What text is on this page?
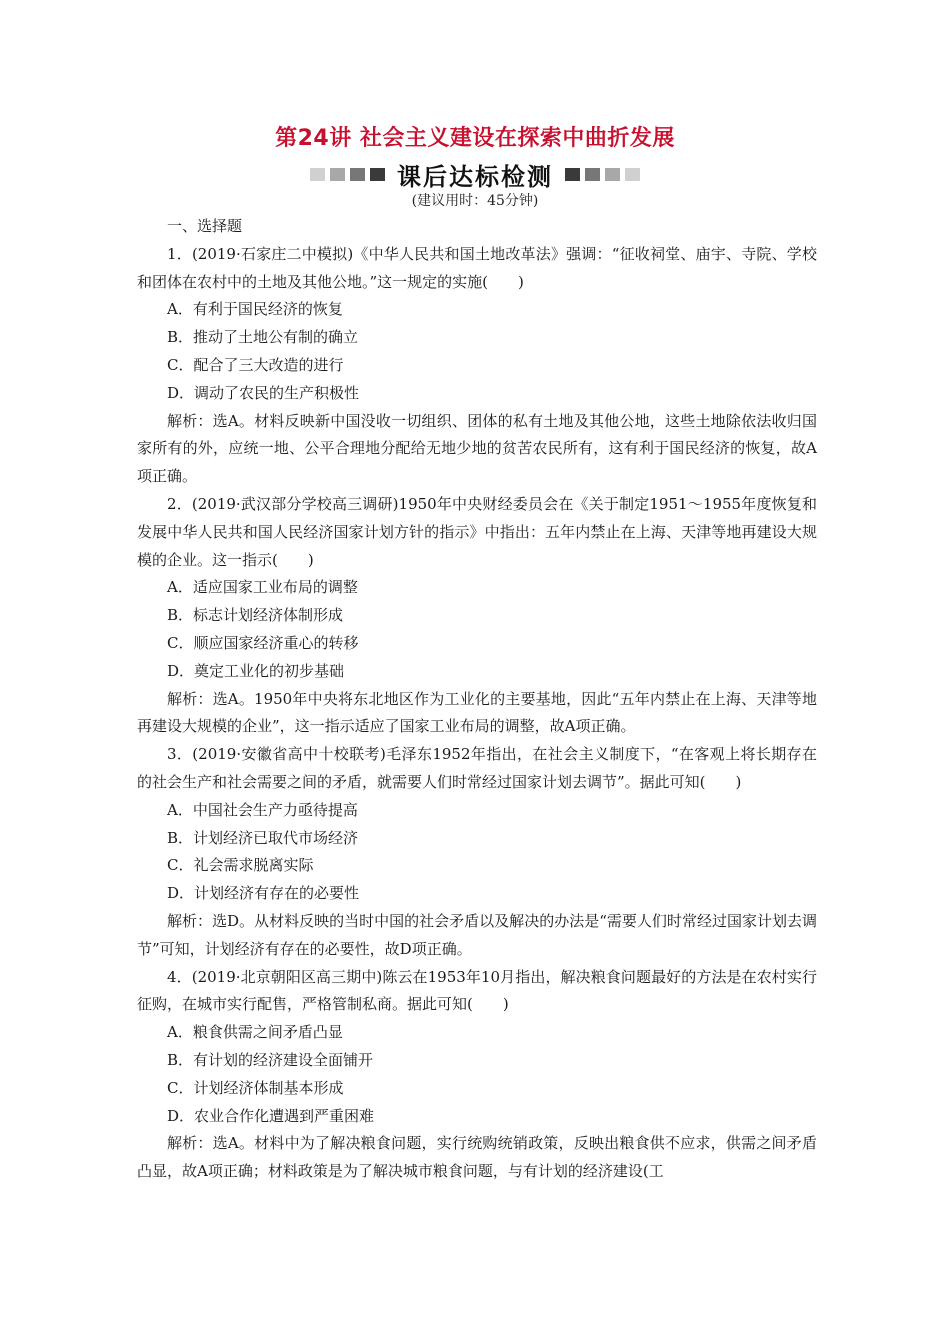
第24讲 社会主义建设在探索中曲折发展
课后达标检测
(建议用时：45分钟)

一、选择题

1．(2019·石家庄二中模拟)《中华人民共和国土地改革法》强调：“征收祠堂、庙宇、寺院、学校和团体在农村中的土地及其他公地。”这一规定的实施(　　)

A．有利于国民经济的恢复

B．推动了土地公有制的确立

C．配合了三大改造的进行

D．调动了农民的生产积极性

解析：选A。材料反映新中国没收一切组织、团体的私有土地及其他公地，这些土地除依法收归国家所有的外，应统一地、公平合理地分配给无地少地的贫苦农民所有，这有利于国民经济的恢复，故A项正确。

2．(2019·武汉部分学校高三调研)1950年中央财经委员会在《关于制定1951～1955年度恢复和发展中华人民共和国人民经济国家计划方针的指示》中指出：五年内禁止在上海、天津等地再建设大规模的企业。这一指示(　　)

A．适应国家工业布局的调整

B．标志计划经济体制形成

C．顺应国家经济重心的转移

D．奠定工业化的初步基础

解析：选A。1950年中央将东北地区作为工业化的主要基地，因此“五年内禁止在上海、天津等地再建设大规模的企业”，这一指示适应了国家工业布局的调整，故A项正确。

3．(2019·安徽省高中十校联考)毛泽东1952年指出，在社会主义制度下，“在客观上将长期存在的社会生产和社会需要之间的矛盾，就需要人们时常经过国家计划去调节”。据此可知(　　)

A．中国社会生产力亟待提高

B．计划经济已取代市场经济

C．礼会需求脱离实际

D．计划经济有存在的必要性

解析：选D。从材料反映的当时中国的社会矛盾以及解决的办法是“需要人们时常经过国家计划去调节”可知，计划经济有存在的必要性，故D项正确。

4．(2019·北京朝阳区高三期中)陈云在1953年10月指出，解决粮食问题最好的方法是在农村实行征购，在城市实行配售，严格管制私商。据此可知(　　)

A．粮食供需之间矛盾凸显

B．有计划的经济建设全面铺开

C．计划经济体制基本形成

D．农业合作化遭遇到严重困难

解析：选A。材料中为了解决粮食问题，实行统购统销政策，反映出粮食供不应求，供需之间矛盾凸显，故A项正确；材料政策是为了解决城市粮食问题，与有计划的经济建设(工
